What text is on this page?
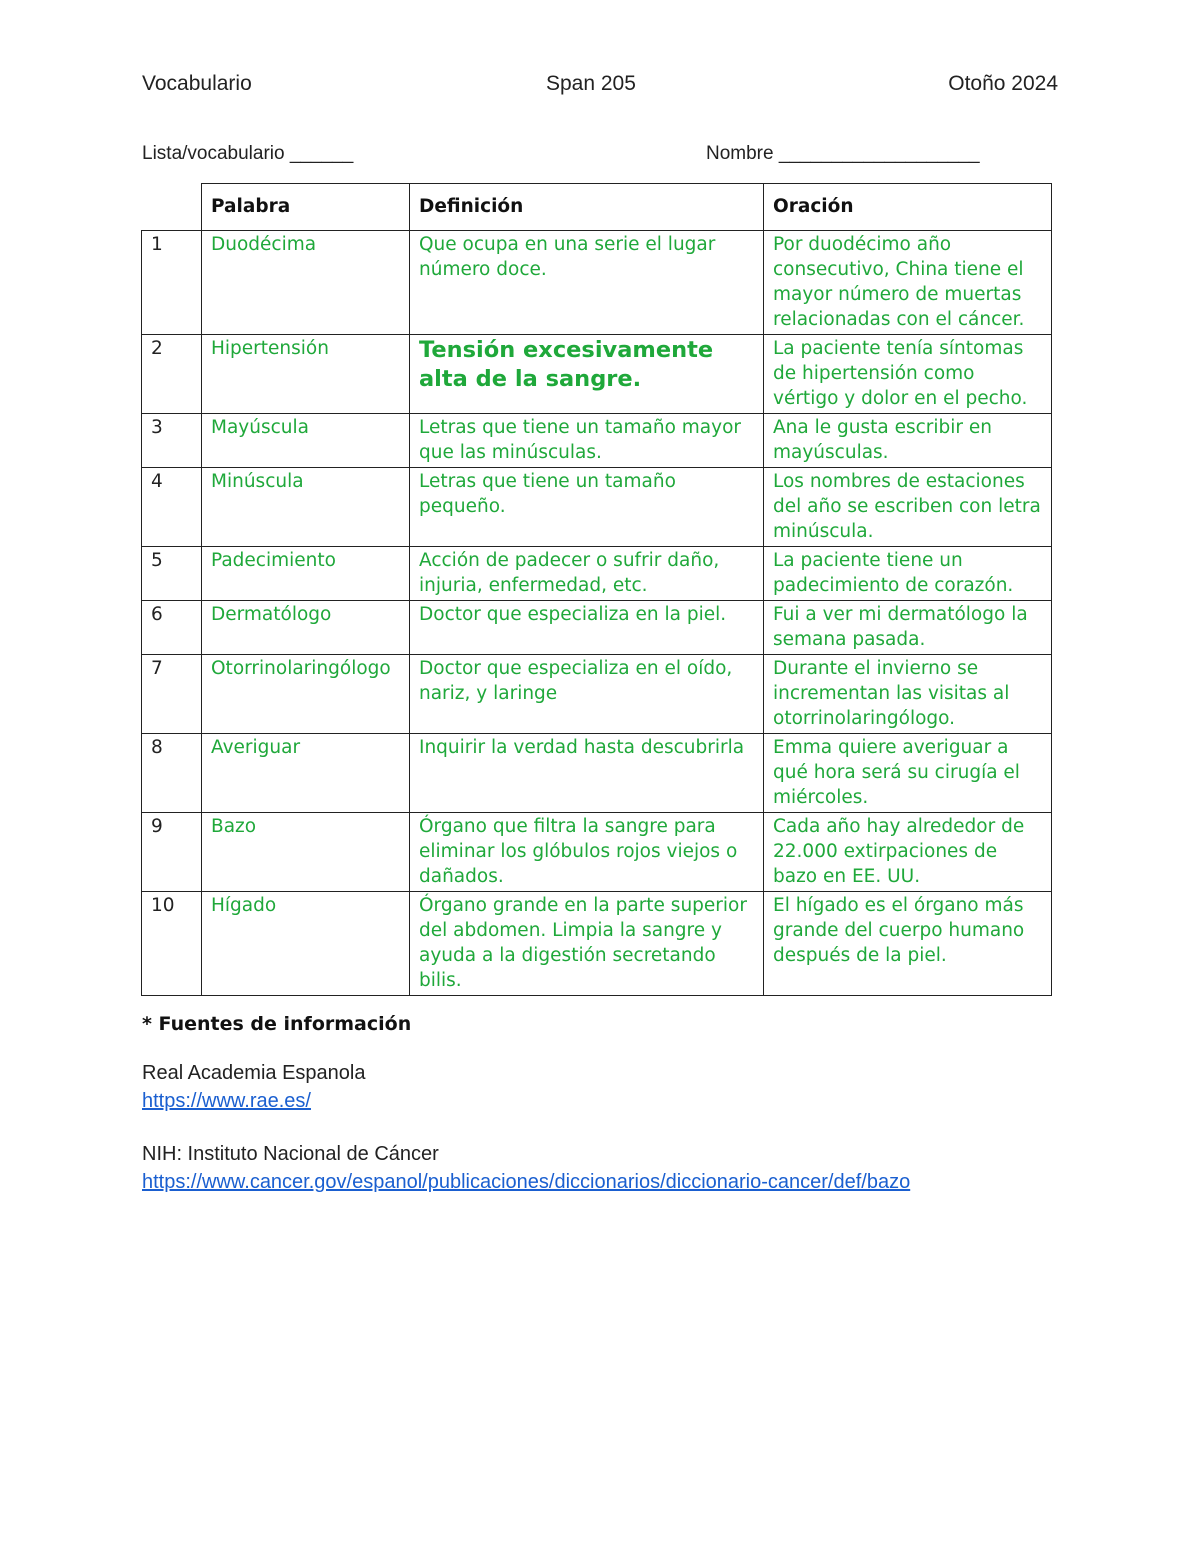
Vocabulario	Span 205	Otoño 2024
Lista/vocabulario ______	Nombre ___________________
	Palabra	Definición	Oración
1	Duodécima	Que ocupa en una serie el lugar número doce.	Por duodécimo año consecutivo, China tiene el mayor número de muertas relacionadas con el cáncer.
2	Hipertensión	Tensión excesivamente alta de la sangre.	La paciente tenía síntomas de hipertensión como vértigo y dolor en el pecho.
3	Mayúscula	Letras que tiene un tamaño mayor que las minúsculas.	Ana le gusta escribir en mayúsculas.
4	Minúscula	Letras que tiene un tamaño pequeño.	Los nombres de estaciones del año se escriben con letra minúscula.
5	Padecimiento	Acción de padecer o sufrir daño, injuria, enfermedad, etc.	La paciente tiene un padecimiento de corazón.
6	Dermatólogo	Doctor que especializa en la piel.	Fui a ver mi dermatólogo la semana pasada.
7	Otorrinolaringólogo	Doctor que especializa en el oído, nariz, y laringe	Durante el invierno se incrementan las visitas al otorrinolaringólogo.
8	Averiguar	Inquirir la verdad hasta descubrirla	Emma quiere averiguar a qué hora será su cirugía el miércoles.
9	Bazo	Órgano que filtra la sangre para eliminar los glóbulos rojos viejos o dañados.	Cada año hay alrededor de 22.000 extirpaciones de bazo en EE. UU.
10	Hígado	Órgano grande en la parte superior del abdomen. Limpia la sangre y ayuda a la digestión secretando bilis.	El hígado es el órgano más grande del cuerpo humano después de la piel.
* Fuentes de información
Real Academia Espanola
https://www.rae.es/
NIH: Instituto Nacional de Cáncer
https://www.cancer.gov/espanol/publicaciones/diccionarios/diccionario-cancer/def/bazo
